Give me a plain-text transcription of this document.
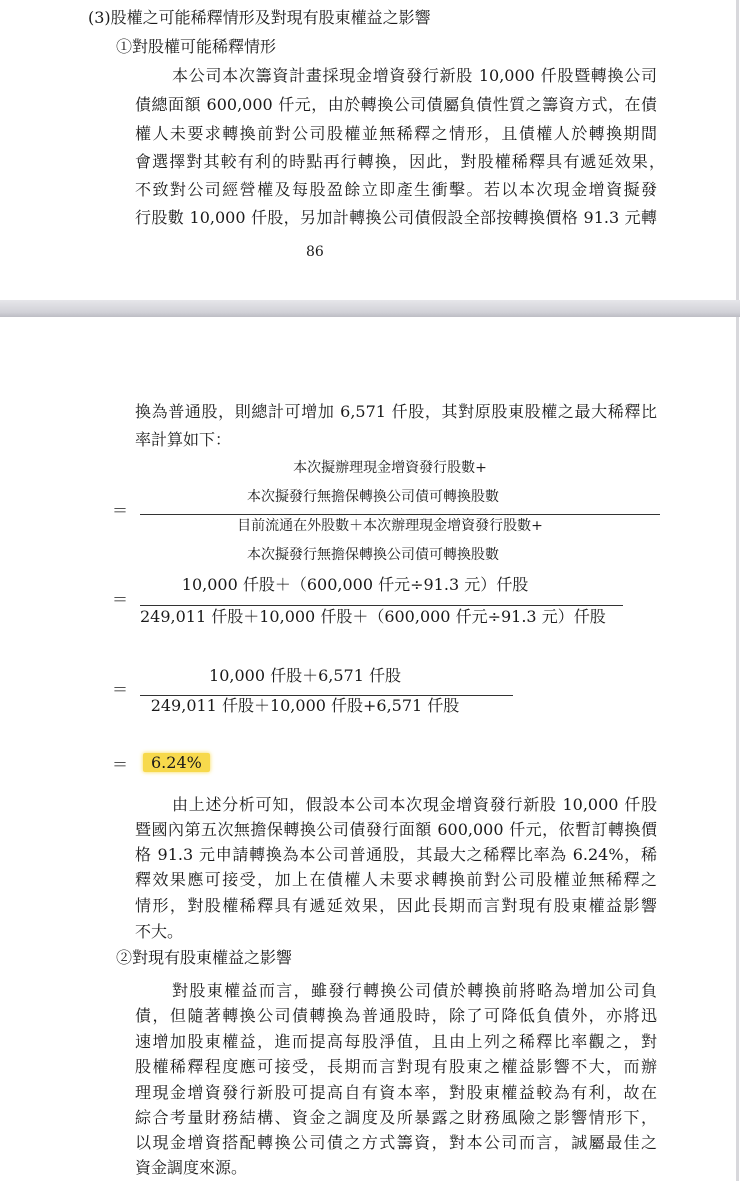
(3)股權之可能稀釋情形及對現有股東權益之影響
①對股權可能稀釋情形
本公司本次籌資計畫採現金增資發行新股 10,000 仟股暨轉換公司
債總面額 600,000 仟元，由於轉換公司債屬負債性質之籌資方式，在債
權人未要求轉換前對公司股權並無稀釋之情形，且債權人於轉換期間
會選擇對其較有利的時點再行轉換，因此，對股權稀釋具有遞延效果，
不致對公司經營權及每股盈餘立即產生衝擊。若以本次現金增資擬發
行股數 10,000 仟股，另加計轉換公司債假設全部按轉換價格 91.3 元轉
86
換為普通股，則總計可增加 6,571 仟股，其對原股東股權之最大稀釋比
率計算如下：
＝
本次擬辦理現金增資發行股數+
本次擬發行無擔保轉換公司債可轉換股數
目前流通在外股數＋本次辦理現金增資發行股數+
本次擬發行無擔保轉換公司債可轉換股數
＝
10,000 仟股＋（600,000 仟元÷91.3 元）仟股
249,011 仟股＋10,000 仟股＋（600,000 仟元÷91.3 元）仟股
＝
10,000 仟股＋6,571 仟股
249,011 仟股＋10,000 仟股+6,571 仟股
＝	6.24%
由上述分析可知，假設本公司本次現金增資發行新股 10,000 仟股
暨國內第五次無擔保轉換公司債發行面額 600,000 仟元，依暫訂轉換價
格 91.3 元申請轉換為本公司普通股，其最大之稀釋比率為 6.24%，稀
釋效果應可接受，加上在債權人未要求轉換前對公司股權並無稀釋之
情形，對股權稀釋具有遞延效果，因此長期而言對現有股東權益影響
不大。
②對現有股東權益之影響
對股東權益而言，雖發行轉換公司債於轉換前將略為增加公司負
債，但隨著轉換公司債轉換為普通股時，除了可降低負債外，亦將迅
速增加股東權益，進而提高每股淨值，且由上列之稀釋比率觀之，對
股權稀釋程度應可接受，長期而言對現有股東之權益影響不大，而辦
理現金增資發行新股可提高自有資本率，對股東權益較為有利，故在
綜合考量財務結構、資金之調度及所暴露之財務風險之影響情形下，
以現金增資搭配轉換公司債之方式籌資，對本公司而言，誠屬最佳之
資金調度來源。
